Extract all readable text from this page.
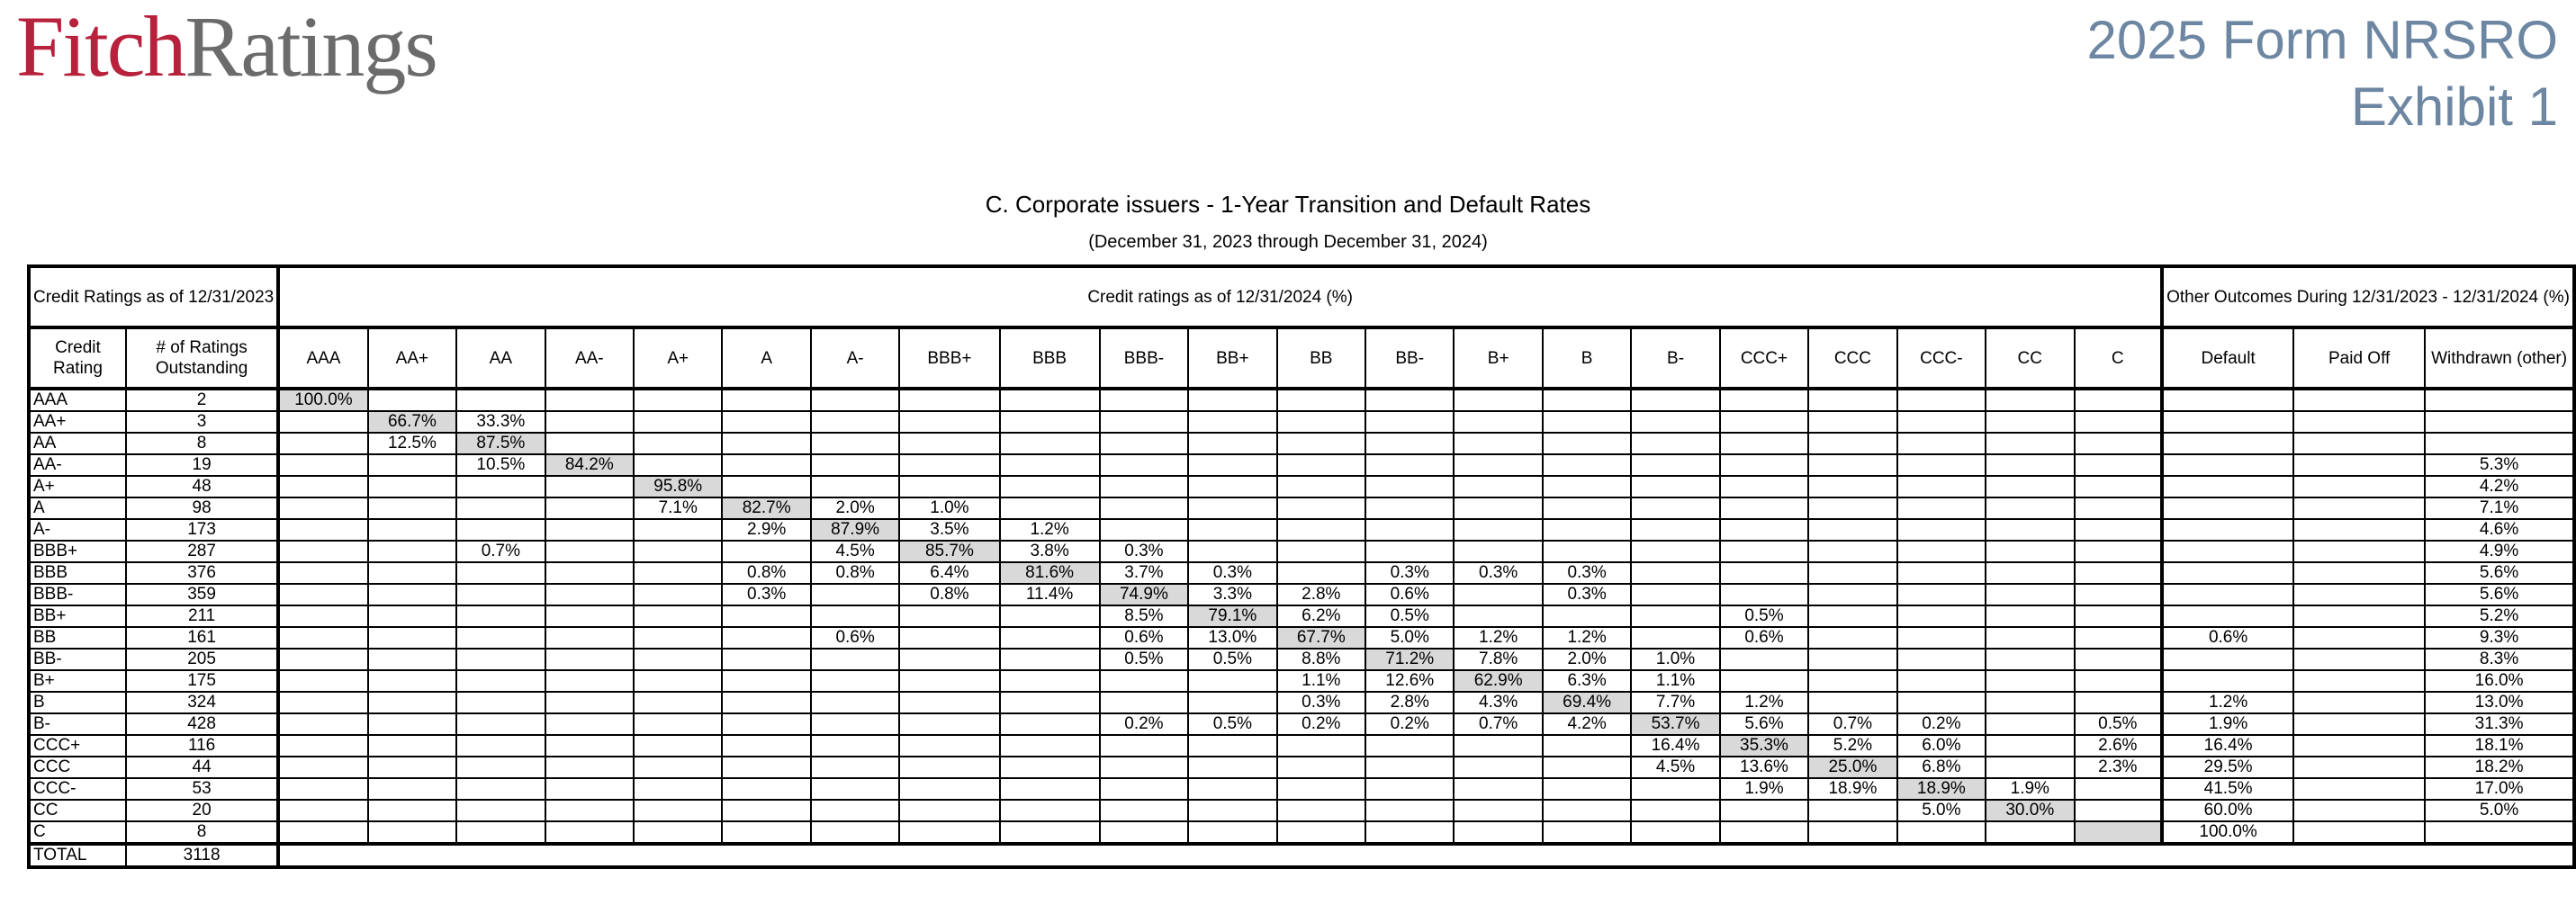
FitchRatings	2025 Form NRSRO
Exhibit 1
C. Corporate issuers - 1-Year Transition and Default Rates
(December 31, 2023 through December 31, 2024)
Credit Ratings as of 12/31/2023		Credit ratings as of 12/31/2024 (%)																					Other Outcomes During 12/31/2023 - 12/31/2024 (%)		
Credit Rating	# of Ratings Outstanding	AAA	AA+	AA	AA-	A+	A	A-	BBB+	BBB	BBB-	BB+	BB	BB-	B+	B	B-	CCC+	CCC	CCC-	CC	C	Default	Paid Off	Withdrawn (other)
AAA	2	100.0%																							
AA+	3		66.7%	33.3%																					
AA	8		12.5%	87.5%																					
AA-	19			10.5%	84.2%																				5.3%
A+	48					95.8%																			4.2%
A	98					7.1%	82.7%	2.0%	1.0%																7.1%
A-	173						2.9%	87.9%	3.5%	1.2%															4.6%
BBB+	287			0.7%				4.5%	85.7%	3.8%	0.3%														4.9%
BBB	376						0.8%	0.8%	6.4%	81.6%	3.7%	0.3%		0.3%	0.3%	0.3%									5.6%
BBB-	359						0.3%		0.8%	11.4%	74.9%	3.3%	2.8%	0.6%		0.3%									5.6%
BB+	211										8.5%	79.1%	6.2%	0.5%				0.5%							5.2%
BB	161							0.6%			0.6%	13.0%	67.7%	5.0%	1.2%	1.2%		0.6%					0.6%		9.3%
BB-	205										0.5%	0.5%	8.8%	71.2%	7.8%	2.0%	1.0%								8.3%
B+	175												1.1%	12.6%	62.9%	6.3%	1.1%								16.0%
B	324												0.3%	2.8%	4.3%	69.4%	7.7%	1.2%					1.2%		13.0%
B-	428										0.2%	0.5%	0.2%	0.2%	0.7%	4.2%	53.7%	5.6%	0.7%	0.2%		0.5%	1.9%		31.3%
CCC+	116																16.4%	35.3%	5.2%	6.0%		2.6%	16.4%		18.1%
CCC	44																4.5%	13.6%	25.0%	6.8%		2.3%	29.5%		18.2%
CCC-	53																	1.9%	18.9%	18.9%	1.9%		41.5%		17.0%
CC	20																			5.0%	30.0%		60.0%		5.0%
C	8																						100.0%		
TOTAL	3118																								
